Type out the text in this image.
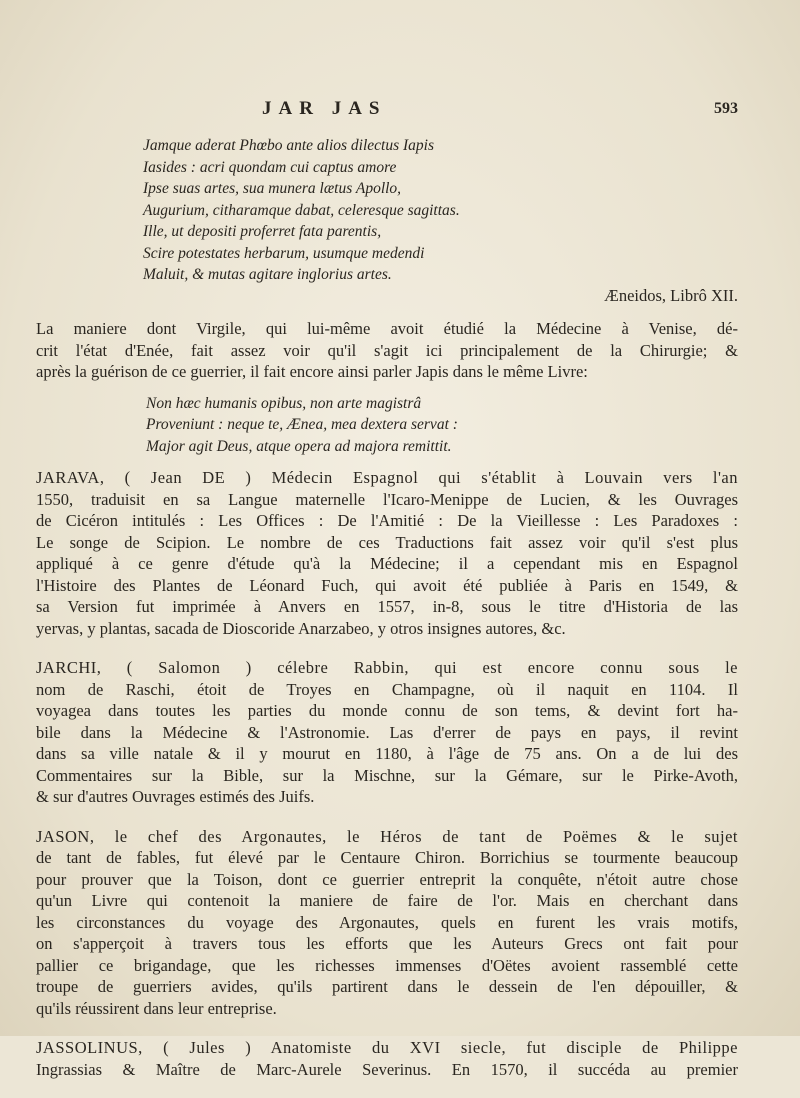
JAR JAS	593
Jamque aderat Phœbo ante alios dilectus Iapis
Iasides : acri quondam cui captus amore
Ipse suas artes, sua munera lætus Apollo,
Augurium, citharamque dabat, celeresque sagittas.
Ille, ut depositi proferret fata parentis,
Scire potestates herbarum, usumque medendi
Maluit, & mutas agitare inglorius artes.
Æneidos, Librô XII.
La maniere dont Virgile, qui lui-même avoit étudié la Médecine à Venise, dé-
crit l'état d'Enée, fait assez voir qu'il s'agit ici principalement de la Chirurgie; &
après la guérison de ce guerrier, il fait encore ainsi parler Japis dans le même Livre:
Non hæc humanis opibus, non arte magistrâ
Proveniunt : neque te, Ænea, mea dextera servat :
Major agit Deus, atque opera ad majora remittit.
JARAVA, ( Jean DE ) Médecin Espagnol qui s'établit à Louvain vers l'an
1550, traduisit en sa Langue maternelle l'Icaro-Menippe de Lucien, & les Ouvrages
de Cicéron intitulés : Les Offices : De l'Amitié : De la Vieillesse : Les Paradoxes :
Le songe de Scipion. Le nombre de ces Traductions fait assez voir qu'il s'est plus
appliqué à ce genre d'étude qu'à la Médecine; il a cependant mis en Espagnol
l'Histoire des Plantes de Léonard Fuch, qui avoit été publiée à Paris en 1549, &
sa Version fut imprimée à Anvers en 1557, in-8, sous le titre d'Historia de las
yervas, y plantas, sacada de Dioscoride Anarzabeo, y otros insignes autores, &c.
JARCHI, ( Salomon ) célebre Rabbin, qui est encore connu sous le
nom de Raschi, étoit de Troyes en Champagne, où il naquit en 1104. Il
voyagea dans toutes les parties du monde connu de son tems, & devint fort ha-
bile dans la Médecine & l'Astronomie. Las d'errer de pays en pays, il revint
dans sa ville natale & il y mourut en 1180, à l'âge de 75 ans. On a de lui des
Commentaires sur la Bible, sur la Mischne, sur la Gémare, sur le Pirke-Avoth,
& sur d'autres Ouvrages estimés des Juifs.
JASON, le chef des Argonautes, le Héros de tant de Poëmes & le sujet
de tant de fables, fut élevé par le Centaure Chiron. Borrichius se tourmente beaucoup
pour prouver que la Toison, dont ce guerrier entreprit la conquête, n'étoit autre chose
qu'un Livre qui contenoit la maniere de faire de l'or. Mais en cherchant dans
les circonstances du voyage des Argonautes, quels en furent les vrais motifs,
on s'apperçoit à travers tous les efforts que les Auteurs Grecs ont fait pour
pallier ce brigandage, que les richesses immenses d'Oëtes avoient rassemblé cette
troupe de guerriers avides, qu'ils partirent dans le dessein de l'en dépouiller, &
qu'ils réussirent dans leur entreprise.
JASSOLINUS, ( Jules ) Anatomiste du XVI siecle, fut disciple de Philippe
Ingrassias & Maître de Marc-Aurele Severinus. En 1570, il succéda au premier
